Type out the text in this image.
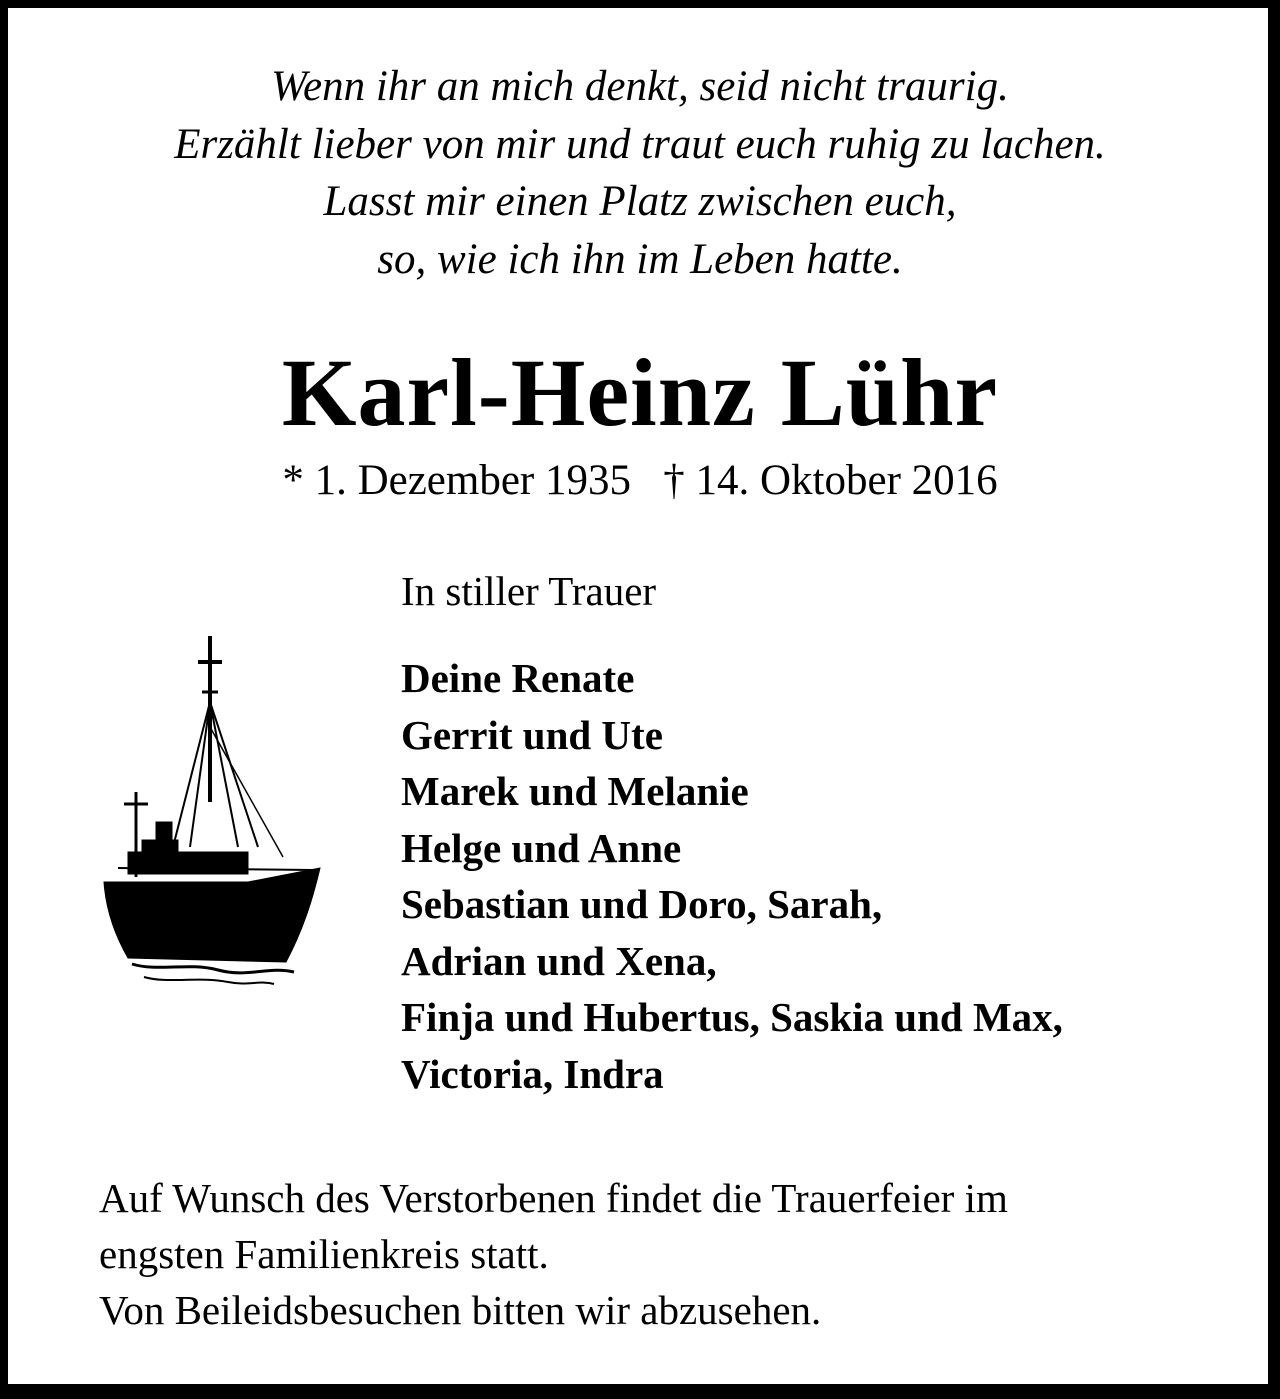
Wenn ihr an mich denkt, seid nicht traurig.
Erzählt lieber von mir und traut euch ruhig zu lachen.
Lasst mir einen Platz zwischen euch,
so, wie ich ihn im Leben hatte.
Karl-Heinz Lühr
* 1. Dezember 1935 † 14. Oktober 2016
In stiller Trauer
Deine Renate
Gerrit und Ute
Marek und Melanie
Helge und Anne
Sebastian und Doro, Sarah,
Adrian und Xena,
Finja und Hubertus, Saskia und Max,
Victoria, Indra
Auf Wunsch des Verstorbenen findet die Trauerfeier im
engsten Familienkreis statt.
Von Beileidsbesuchen bitten wir abzusehen.
